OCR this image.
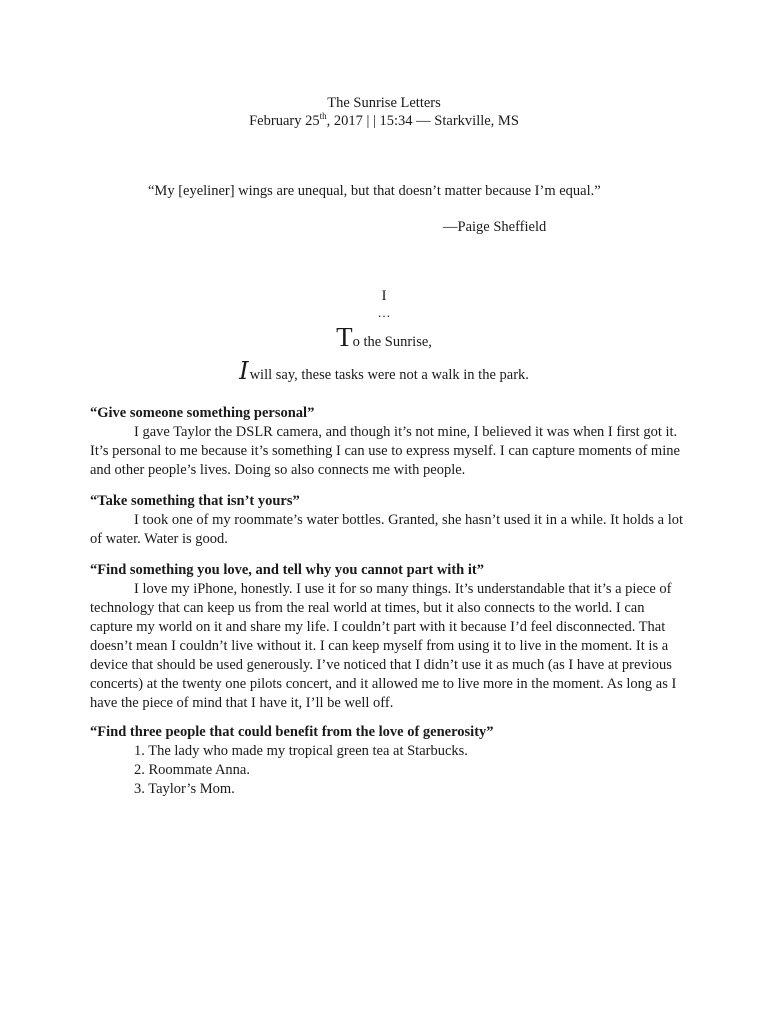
The Sunrise Letters
February 25th, 2017 | | 15:34 — Starkville, MS
“My [eyeliner] wings are unequal, but that doesn’t matter because I’m equal.”
—Paige Sheffield
I
…
To the Sunrise,
Iwill say, these tasks were not a walk in the park.

“Give someone something personal”

I gave Taylor the DSLR camera, and though it’s not mine, I believed it was when I first got it. It’s personal to me because it’s something I can use to express myself. I can capture moments of mine and other people’s lives. Doing so also connects me with people.

“Take something that isn’t yours”

I took one of my roommate’s water bottles. Granted, she hasn’t used it in a while. It holds a lot of water. Water is good.

“Find something you love, and tell why you cannot part with it”

I love my iPhone, honestly. I use it for so many things. It’s understandable that it’s a piece of technology that can keep us from the real world at times, but it also connects to the world. I can capture my world on it and share my life. I couldn’t part with it because I’d feel disconnected. That doesn’t mean I couldn’t live without it. I can keep myself from using it to live in the moment. It is a device that should be used generously. I’ve noticed that I didn’t use it as much (as I have at previous concerts) at the twenty one pilots concert, and it allowed me to live more in the moment. As long as I have the piece of mind that I have it, I’ll be well off.

“Find three people that could benefit from the love of generosity”

1. The lady who made my tropical green tea at Starbucks.
2. Roommate Anna.
3. Taylor’s Mom.
